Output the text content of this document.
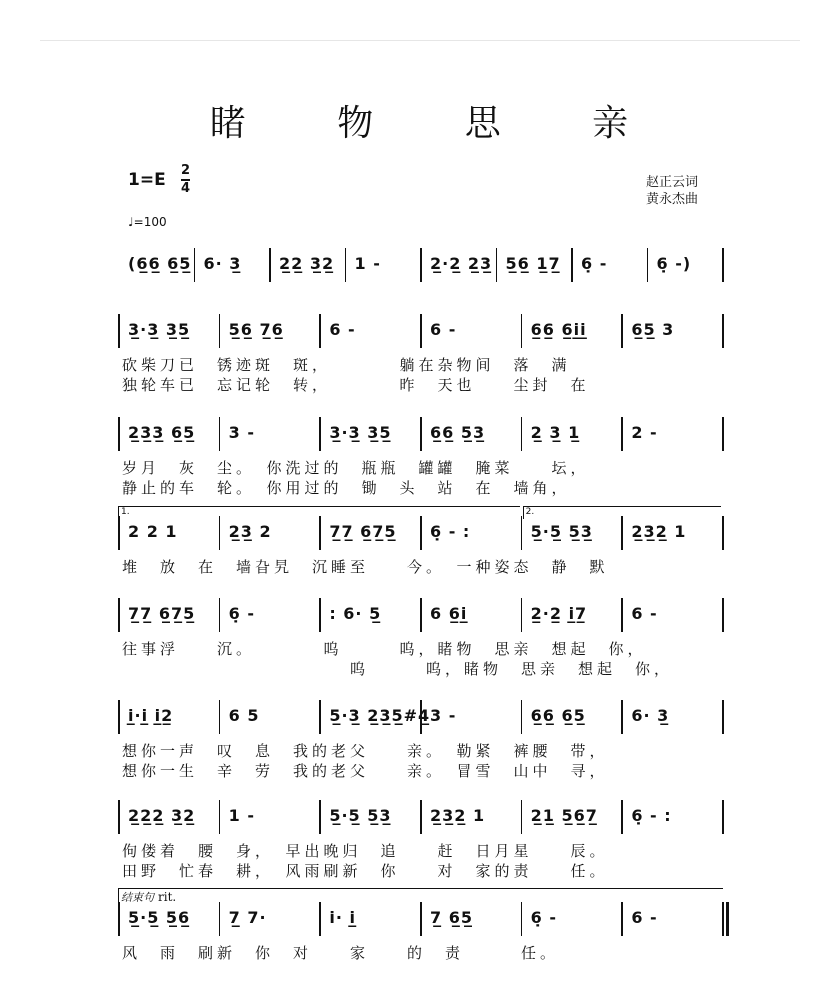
睹 物 思 亲
1=E 2
4
♩=100
赵正云词
黄永杰曲
(6̲6̲ 6̲5̲ 6· 3̲ 2̲2̲ 3̲2̲ 1 -	2̲·2̲ 2̲3̲ 5̲6̲ 1̲7̲ 6̣ -	6̣ -)
3̲·3̲ 3̲5̲ 5̲6̲ 7̲6̲	6 -	6 -	6̲6̲ 6̲i̲i̲	6̲5̲ 3
砍柴刀已　锈迹斑　斑，　　　　躺在杂物间　落　满
独轮车已　忘记轮　转，　　　　昨　天也　　尘封　在
2̲3̲3̲ 6̲5̲ 3 -	3̲·3̲ 3̲5̲ 6̲6̲ 5̲3̲	2̲ 3̲ 1̲	2 -
岁月　灰　尘。　你洗过的　瓶瓶　罐罐　腌菜　　坛，
静止的车　轮。　你用过的　锄　头　站　在　墙角，
2 2 1	2̲3̲ 2	7̲7̲ 6̲7̲5̲ 6̣ - :	5̲·5̲ 5̲3̲ 2̲3̲2̲ 1
堆　放　在　墙旮旯　沉睡至　　今。　一种姿态　静　默
1.	2.
7̲7̲ 6̲7̲5̲ 6̣ -	: 6· 5̲	6 6̲i̲	2̲·2̲ i̲7̲	6 -
往事浮　　沉。　　　　呜　　　呜，睹物　思亲　想起　你，
　　　　　　　　　　　　呜　　　呜，睹物　思亲　想起　你，
i̲·i̲ i̲2̲	6 5	5̲·3̲ 2̲3̲5̲#4̲ 3 -	6̲6̲ 6̲5̲	6· 3̲
想你一声　叹　息　我的老父　　亲。　勒紧　裤腰　带，
想你一生　辛　劳　我的老父　　亲。　冒雪　山中　寻，
2̲2̲2̲ 3̲2̲ 1 -	5̲·5̲ 5̲3̲ 2̲3̲2̲ 1	2̲1̲ 5̲6̲7̲ 6̣ - :
佝偻着　腰　身，　早出晚归　追　　赶　日月星　　辰。
田野　忙春　耕，　风雨刷新　你　　对　家的责　　任。
5̲·5̲ 5̲6̲ 7̲ 7·	i· i̲	7̲ 6̲5̲	6̣ -	6 -
风　雨　刷新　你　对　　家　　的　责　　　任。
结束句 rit.
